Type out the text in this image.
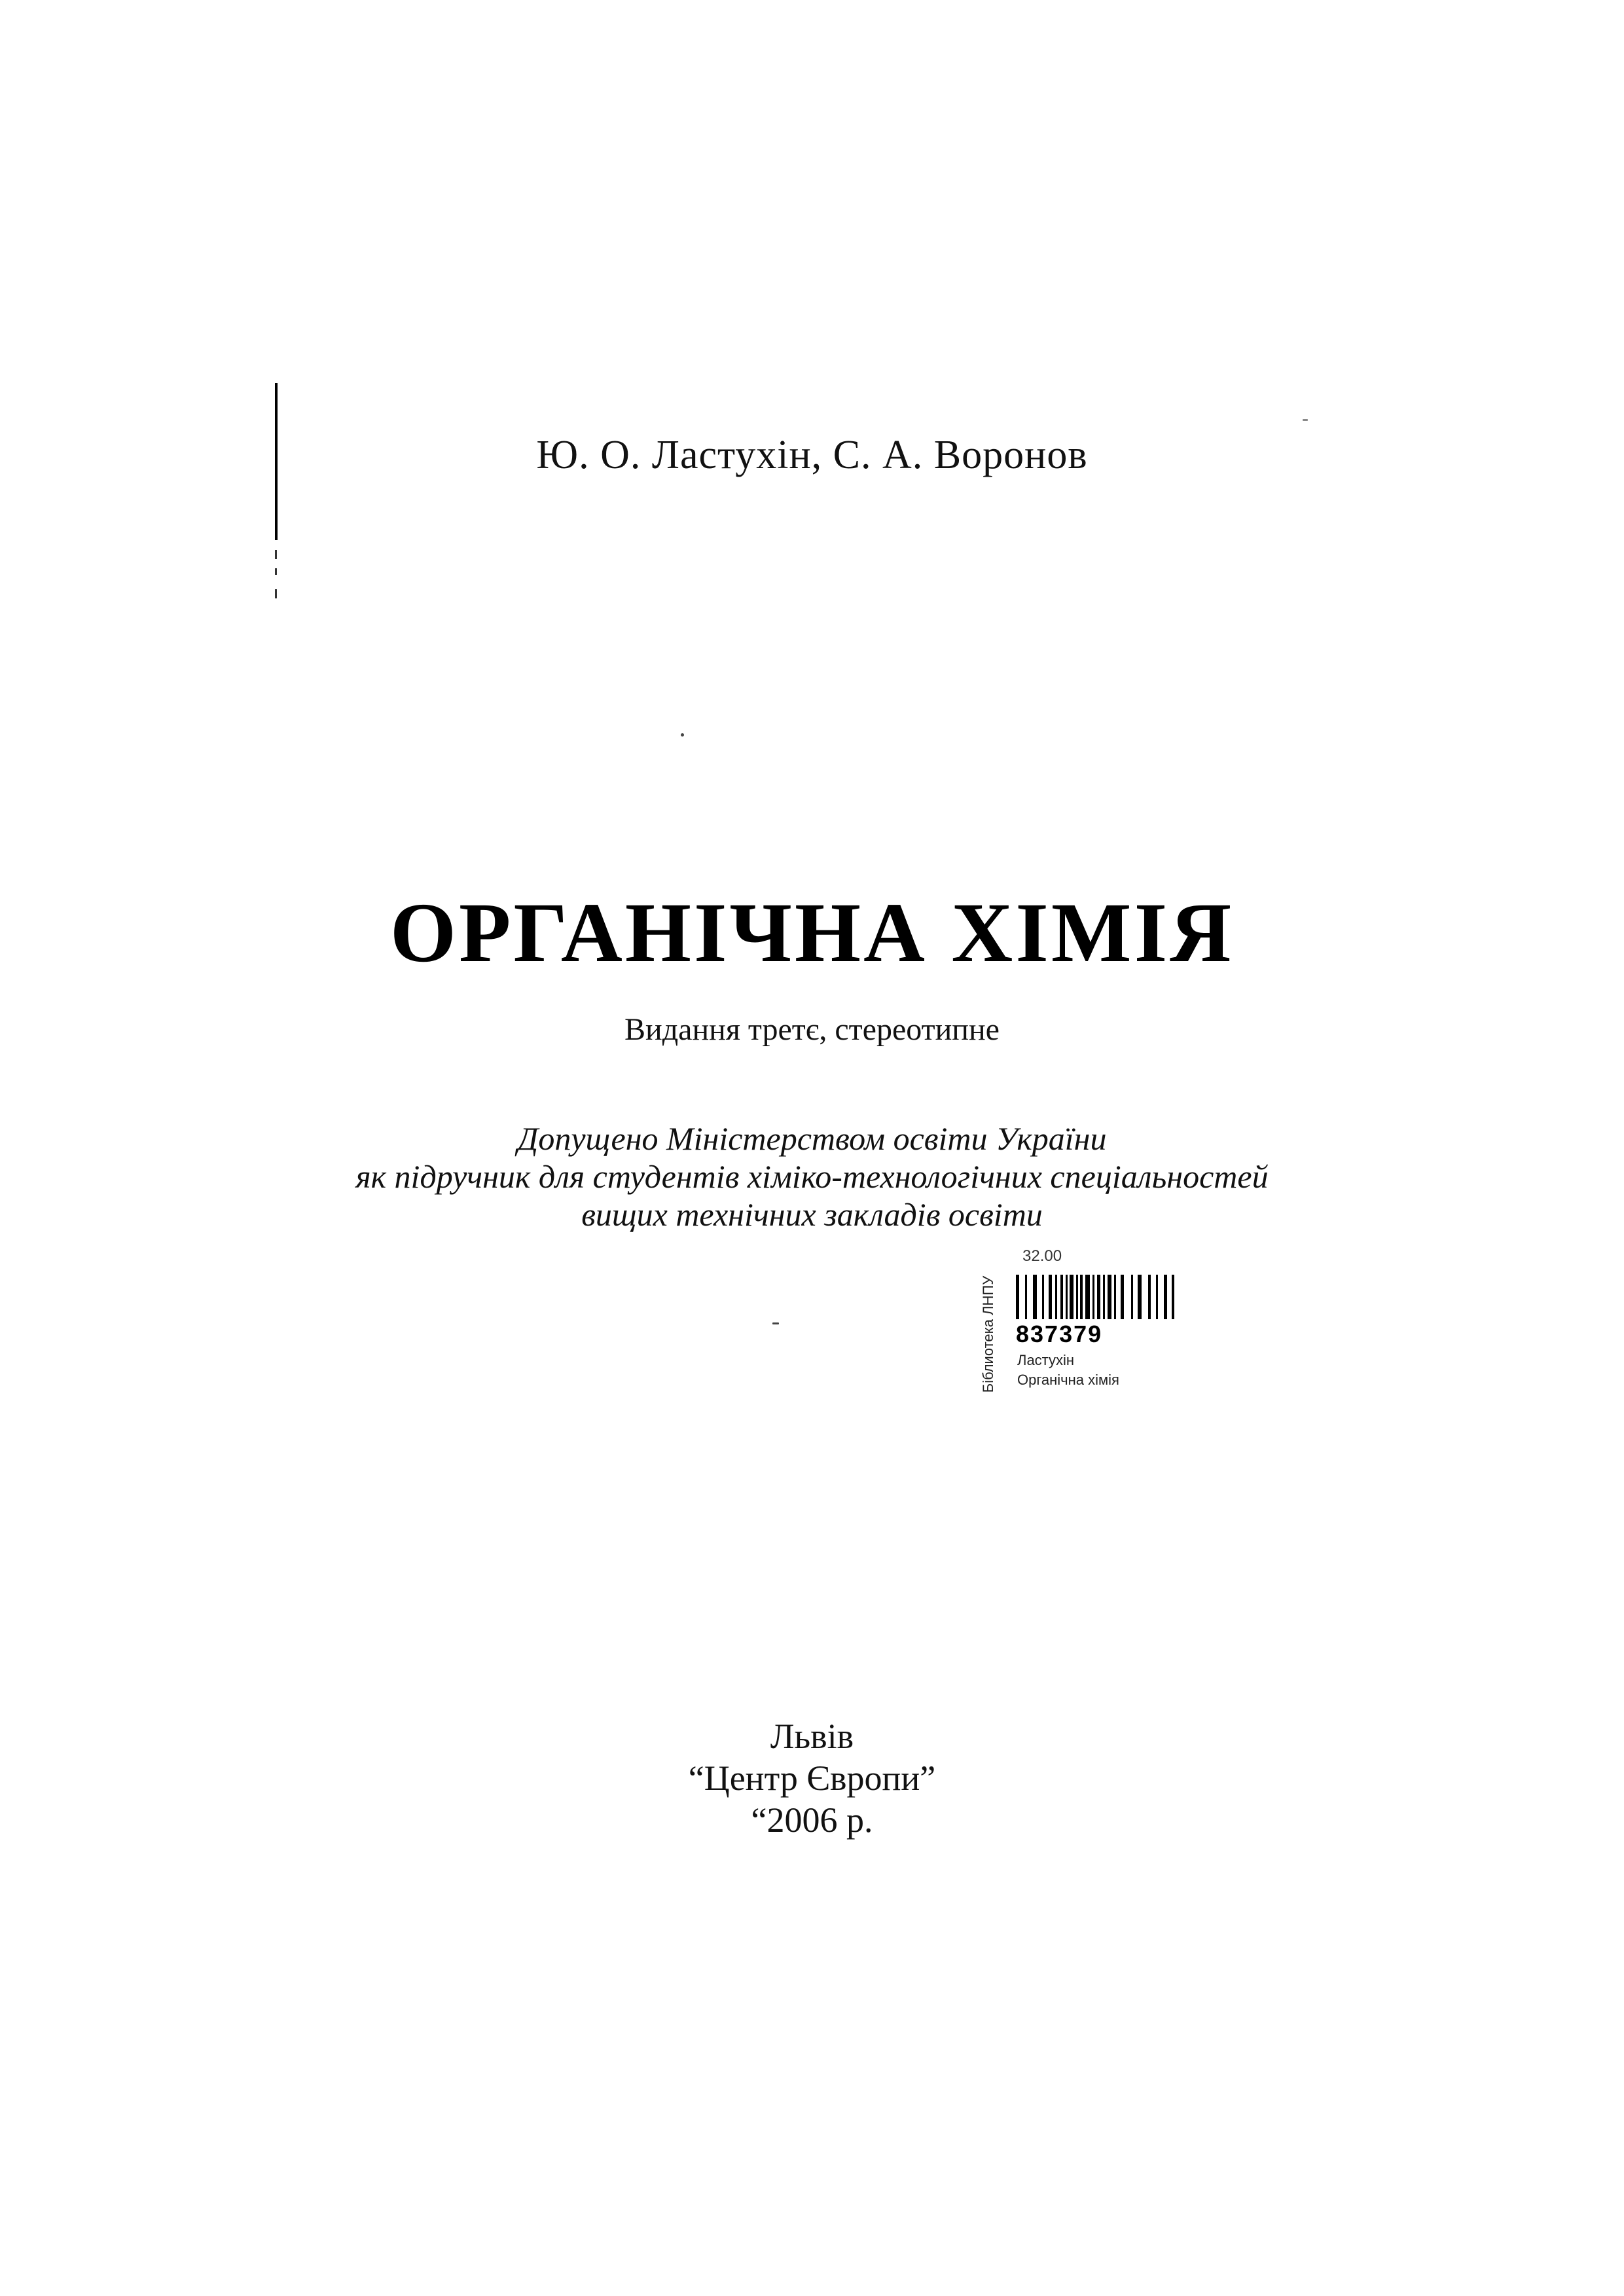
Ю. О. Ластухін, С. А. Воронов
ОРГАНІЧНА ХІМІЯ
Видання третє, стереотипне
Допущено Міністерством освіти України
як підручник для студентів хіміко-технологічних спеціальностей
вищих технічних закладів освіти
Бiблиотека ЛНПУ
32.00
837379
Ластухін
Органічна хімія
Львів
“Центр Європи”
“2006 р.
